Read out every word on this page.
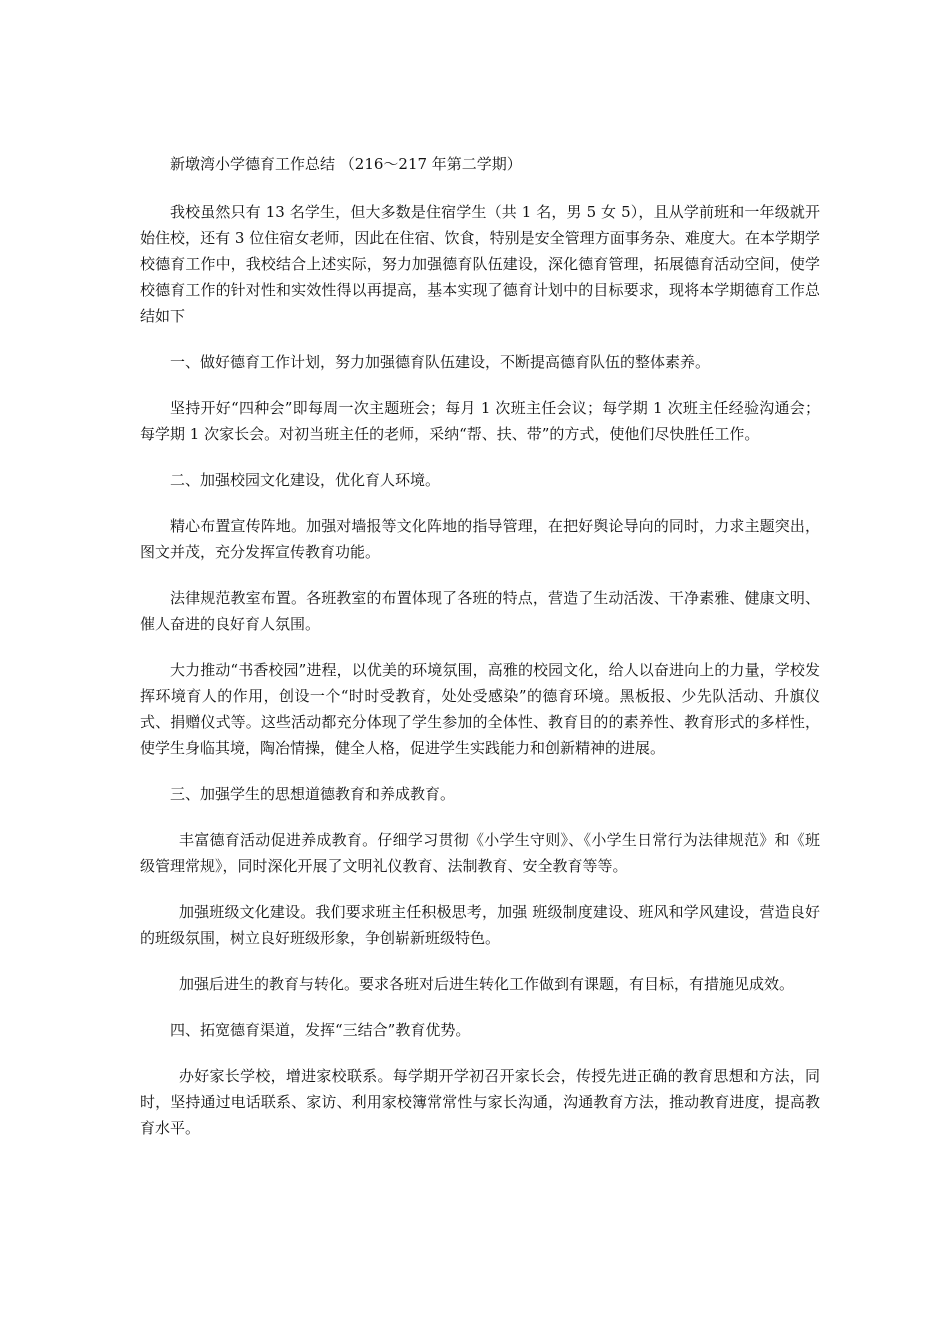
新墩湾小学德育工作总结 （216～217 年第二学期）

我校虽然只有 13 名学生，但大多数是住宿学生（共 1 名，男 5 女 5），且从学前班和一年级就开始住校，还有 3 位住宿女老师，因此在住宿、饮食，特别是安全管理方面事务杂、难度大。在本学期学校德育工作中，我校结合上述实际，努力加强德育队伍建设，深化德育管理，拓展德育活动空间，使学校德育工作的针对性和实效性得以再提高，基本实现了德育计划中的目标要求，现将本学期德育工作总结如下

一、做好德育工作计划，努力加强德育队伍建设，不断提高德育队伍的整体素养。

坚持开好“四种会”即每周一次主题班会；每月 1 次班主任会议；每学期 1 次班主任经验沟通会；每学期 1 次家长会。对初当班主任的老师，采纳“帮、扶、带”的方式，使他们尽快胜任工作。

二、加强校园文化建设，优化育人环境。

精心布置宣传阵地。加强对墙报等文化阵地的指导管理，在把好舆论导向的同时，力求主题突出，图文并茂，充分发挥宣传教育功能。

法律规范教室布置。各班教室的布置体现了各班的特点，营造了生动活泼、干净素雅、健康文明、催人奋进的良好育人氛围。

大力推动“书香校园”进程，以优美的环境氛围，高雅的校园文化，给人以奋进向上的力量，学校发挥环境育人的作用，创设一个“时时受教育，处处受感染”的德育环境。黑板报、少先队活动、升旗仪式、捐赠仪式等。这些活动都充分体现了学生参加的全体性、教育目的的素养性、教育形式的多样性，使学生身临其境，陶冶情操，健全人格，促进学生实践能力和创新精神的进展。

三、加强学生的思想道德教育和养成教育。

丰富德育活动促进养成教育。仔细学习贯彻《小学生守则》、《小学生日常行为法律规范》和《班级管理常规》，同时深化开展了文明礼仪教育、法制教育、安全教育等等。

加强班级文化建设。我们要求班主任积极思考，加强 班级制度建设、班风和学风建设，营造良好的班级氛围，树立良好班级形象，争创崭新班级特色。

加强后进生的教育与转化。要求各班对后进生转化工作做到有课题，有目标，有措施见成效。

四、拓宽德育渠道，发挥“三结合”教育优势。

办好家长学校，增进家校联系。每学期开学初召开家长会，传授先进正确的教育思想和方法，同时，坚持通过电话联系、家访、利用家校簿常常性与家长沟通，沟通教育方法，推动教育进度，提高教育水平。
